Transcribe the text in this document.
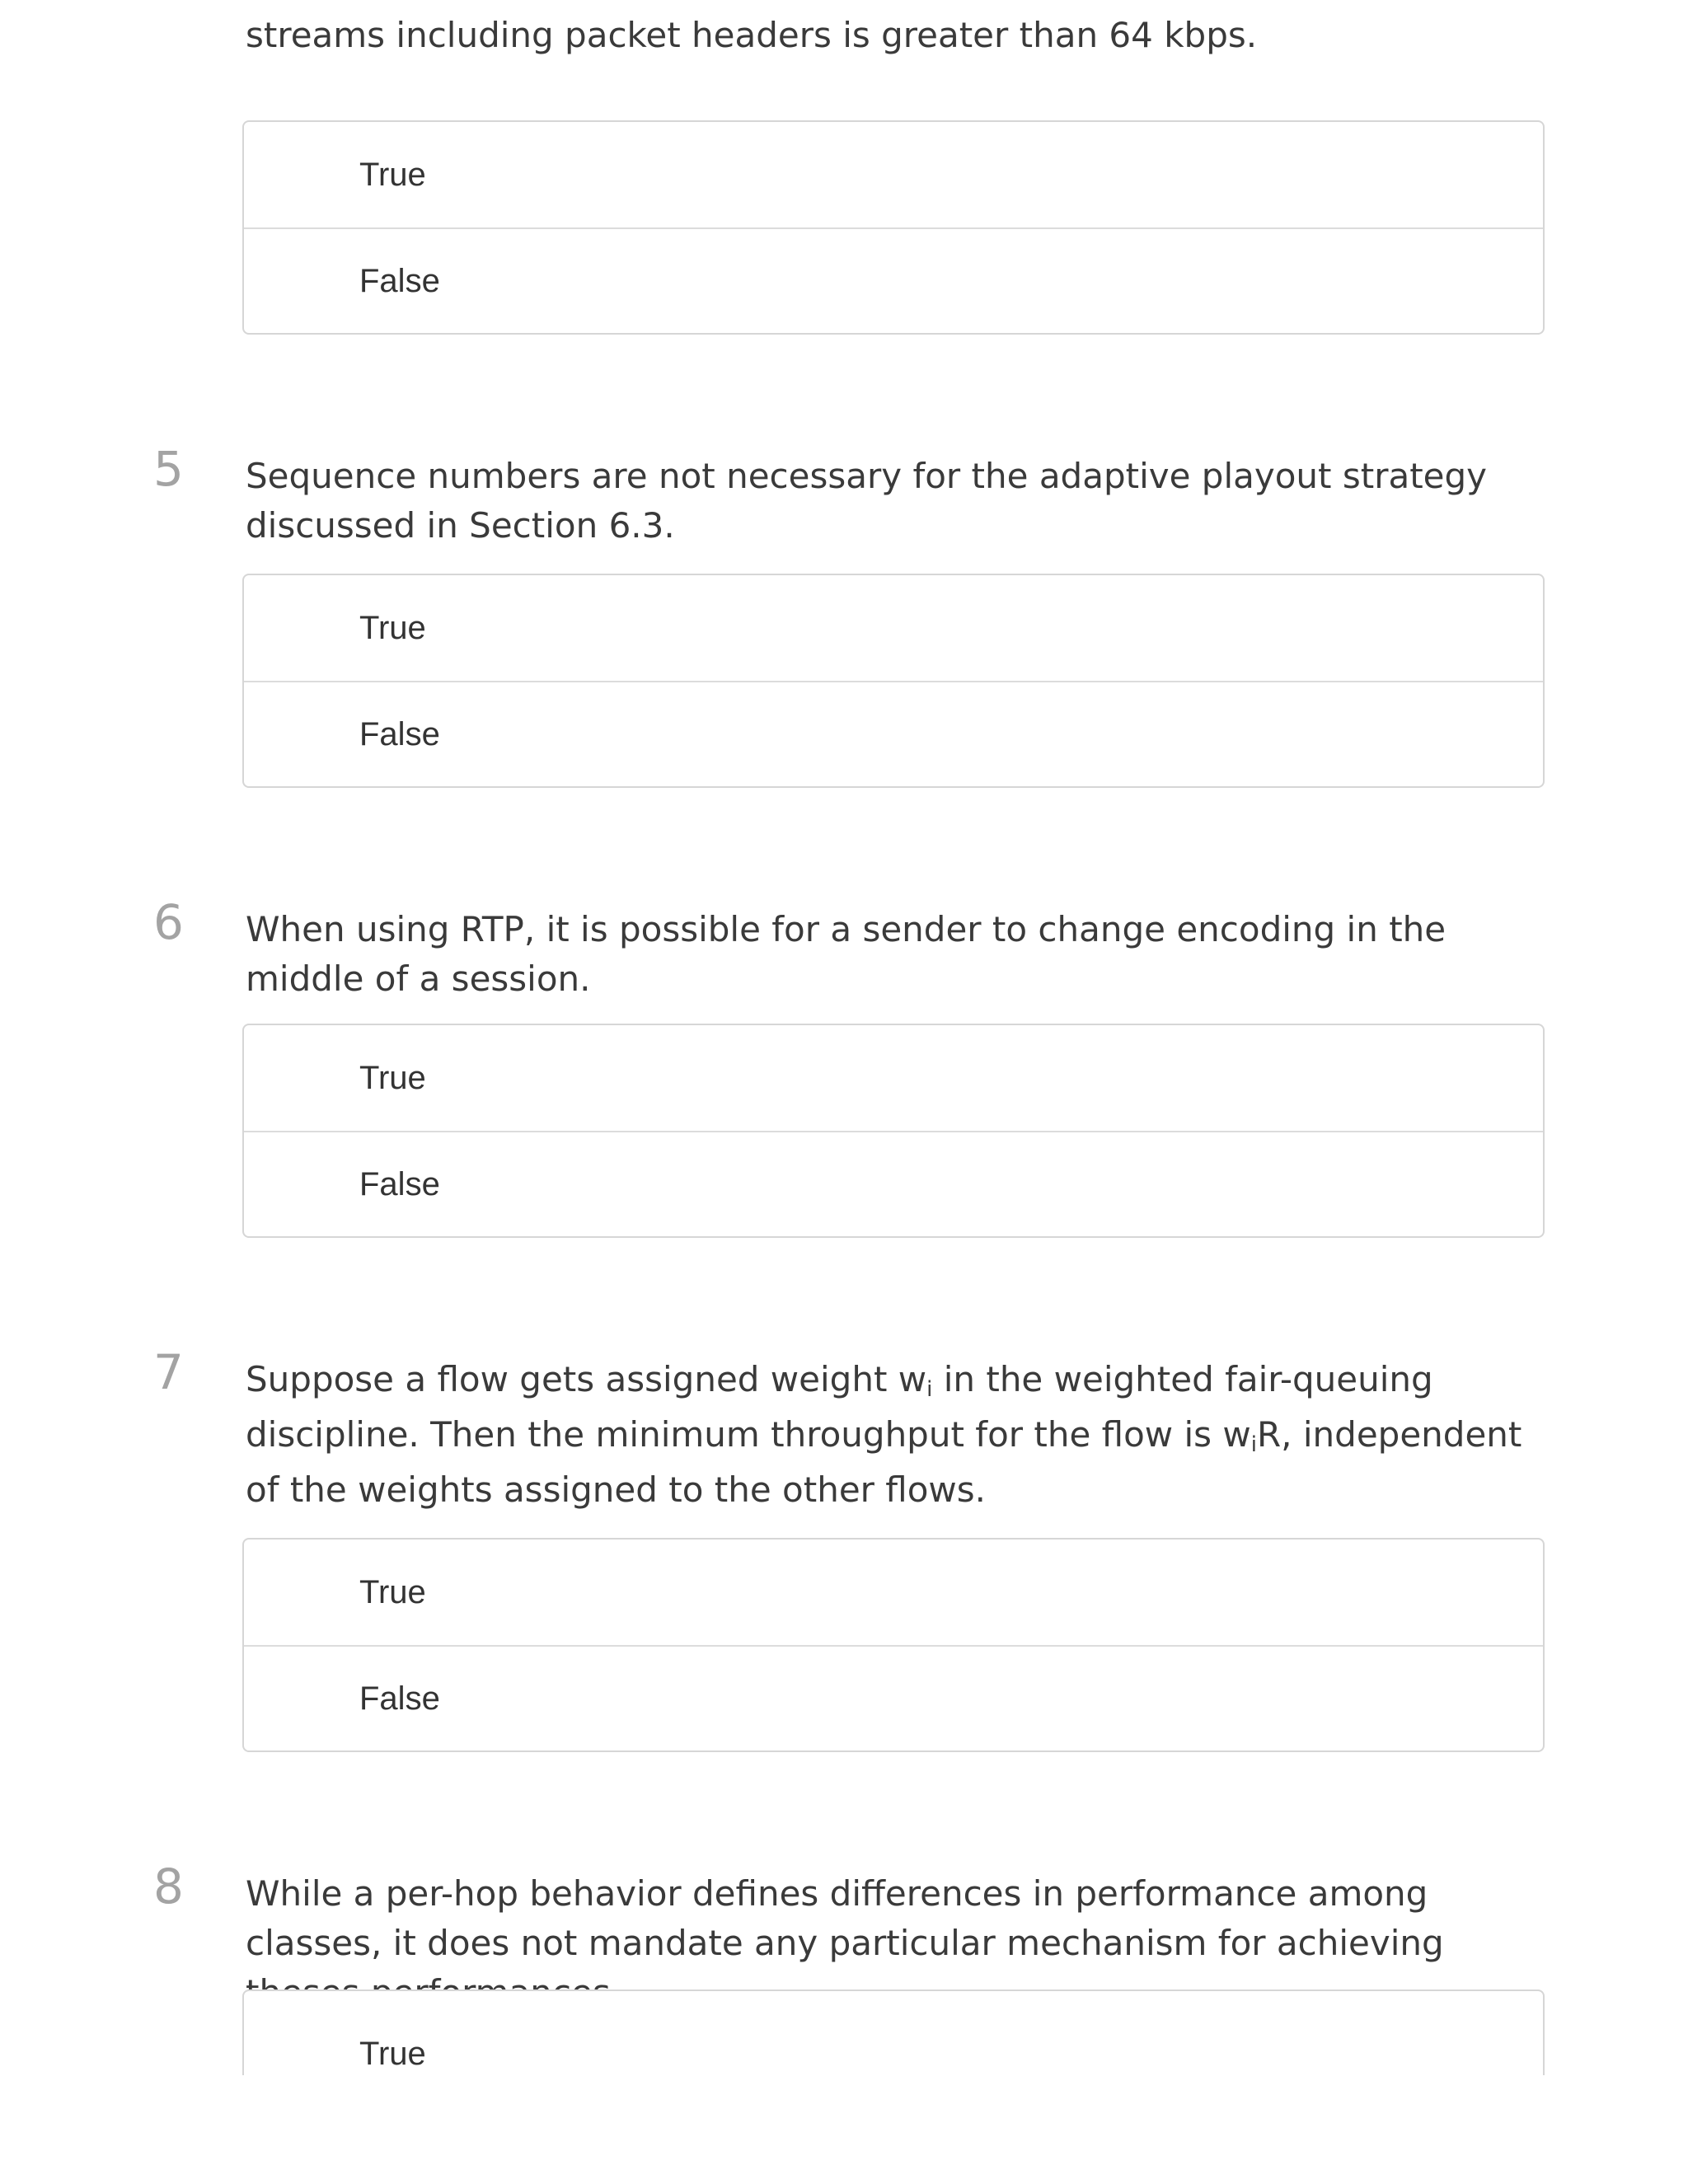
streams including packet headers is greater than 64 kbps.
True
False
5 Sequence numbers are not necessary for the adaptive playout strategy discussed in Section 6.3.
True
False
6 When using RTP, it is possible for a sender to change encoding in the middle of a session.
True
False
7 Suppose a flow gets assigned weight $w_i$ in the weighted fair-queuing discipline. Then the minimum throughput for the flow is $w_iR$, independent of the weights assigned to the other flows.
True
False
8 While a per-hop behavior defines differences in performance among classes, it does not mandate any particular mechanism for achieving
True
